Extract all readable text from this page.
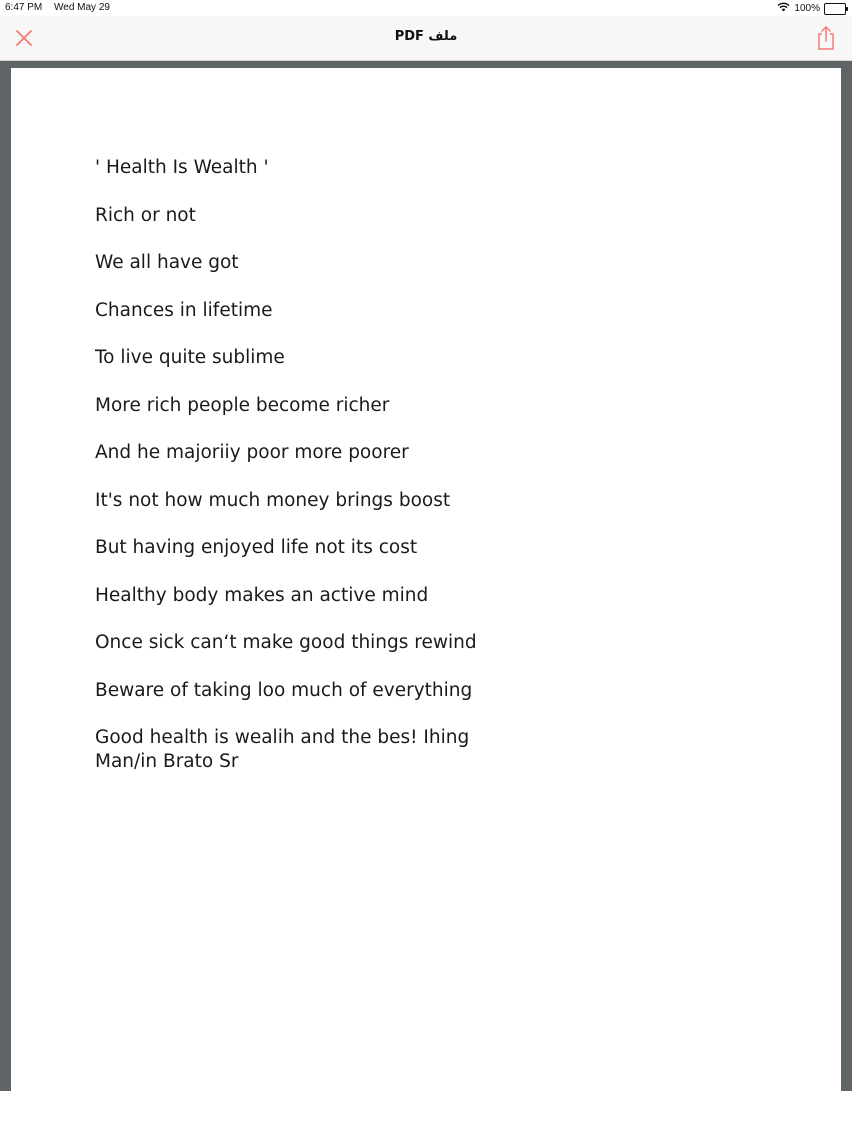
6:47 PM Wed May 29	100%
ملف PDF
' Health Is Wealth '
Rich or not
We all have got
Chances in lifetime
To live quite sublime
More rich people become richer
And he majoriiy poor more poorer
It's not how much money brings boost
But having enjoyed life not its cost
Healthy body makes an active mind
Once sick can‘t make good things rewind
Beware of taking loo much of everything
Good health is wealih and the bes! Ihing
Man/in Brato Sr
